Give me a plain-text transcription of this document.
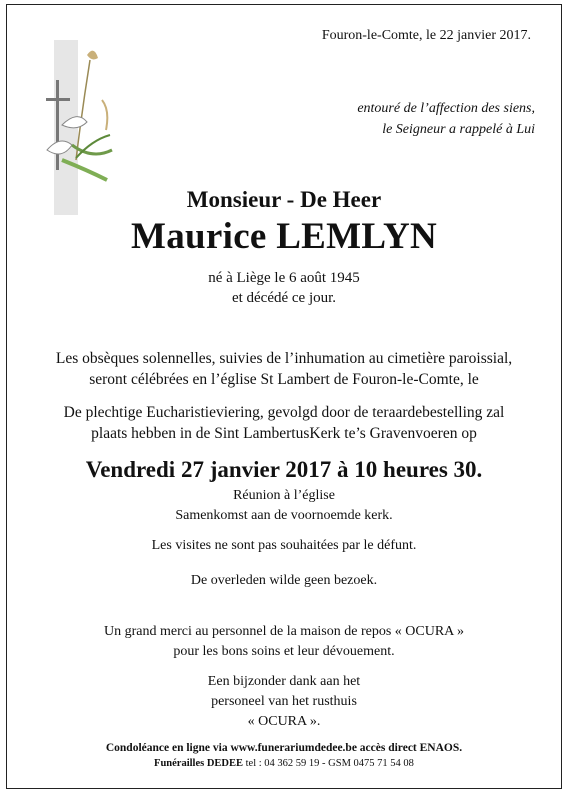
Fouron-le-Comte, le 22 janvier 2017.
entouré de l’affection des siens,
le Seigneur a rappelé à Lui
Monsieur - De Heer
Maurice LEMLYN
né à Liège le 6 août 1945
et décédé ce jour.
Les obsèques solennelles, suivies de l’inhumation au cimetière paroissial,
seront célébrées en l’église St Lambert de Fouron-le-Comte, le
De plechtige Eucharistieviering, gevolgd door de teraardebestelling zal
plaats hebben in de Sint LambertusKerk te’s Gravenvoeren op
Vendredi 27 janvier 2017 à 10 heures 30.
Réunion à l’église
Samenkomst aan de voornoemde kerk.
Les visites ne sont pas souhaitées par le défunt.
De overleden wilde geen bezoek.
Un grand merci au personnel de la maison de repos « OCURA »
pour les bons soins et leur dévouement.
Een bijzonder dank aan het
personeel van het rusthuis
« OCURA ».
Condoléance en ligne via www.funerariumdedee.be accès direct ENAOS.
Funérailles DEDEE tel : 04 362 59 19 - GSM 0475 71 54 08
